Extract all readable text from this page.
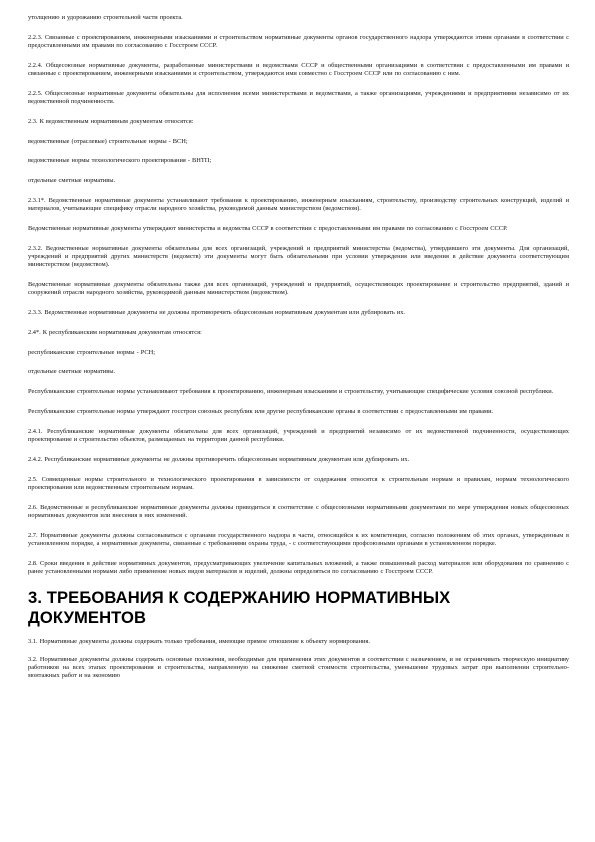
утолщению и удорожанию строительной части проекта.

2.2.3. Связанные с проектированием, инженерными изысканиями и строительством нормативные документы органов государственного надзора утверждаются этими органами в соответствии с предоставленными им правами по согласованию с Госстроем СССР.

2.2.4. Общесоюзные нормативные документы, разработанные министерствами и ведомствами СССР и общественными организациями в соответствии с предоставленными им правами и связанные с проектированием, инженерными изысканиями и строительством, утверждаются ими совместно с Госстроем СССР или по согласованию с ним.

2.2.5. Общесоюзные нормативные документы обязательны для исполнения всеми министерствами и ведомствами, а также организациями, учреждениями и предприятиями независимо от их ведомственной подчиненности.

2.3. К ведомственным нормативным документам относятся:

ведомственные (отраслевые) строительные нормы - ВСН;

ведомственные нормы технологического проектирования - ВНТП;

отдельные сметные нормативы.

2.3.1*. Ведомственные нормативные документы устанавливают требования к проектированию, инженерным изысканиям, строительству, производству строительных конструкций, изделий и материалов, учитывающие специфику отрасли народного хозяйства, руководимой данным министерством (ведомством).

Ведомственные нормативные документы утверждают министерства и ведомства СССР в соответствии с предоставленными им правами по согласованию с Госстроем СССР.

2.3.2. Ведомственные нормативные документы обязательны для всех организаций, учреждений и предприятий министерства (ведомства), утвердившего эти документы. Для организаций, учреждений и предприятий других министерств (ведомств) эти документы могут быть обязательными при условии утверждения или введения в действие документа соответствующим министерством (ведомством).

Ведомственные нормативные документы обязательны также для всех организаций, учреждений и предприятий, осуществляющих проектирование и строительство предприятий, зданий и сооружений отрасли народного хозяйства, руководимой данным министерством (ведомством).

2.3.3. Ведомственные нормативные документы не должны противоречить общесоюзным нормативным документам или дублировать их.

2.4*. К республиканским нормативным документам относятся:

республиканские строительные нормы - РСН;

отдельные сметные нормативы.

Республиканские строительные нормы устанавливают требования к проектированию, инженерным изысканиям и строительству, учитывающие специфические условия союзной республики.

Республиканские строительные нормы утверждают госстрои союзных республик или другие республиканские органы в соответствии с предоставленными им правами.

2.4.1. Республиканские нормативные документы обязательны для всех организаций, учреждений и предприятий независимо от их ведомственной подчиненности, осуществляющих проектирование и строительство объектов, размещаемых на территории данной республики.

2.4.2. Республиканские нормативные документы не должны противоречить общесоюзным нормативным документам или дублировать их.

2.5. Совмещенные нормы строительного и технологического проектирования в зависимости от содержания относятся к строительным нормам и правилам, нормам технологического проектирования или ведомственным строительным нормам.

2.6. Ведомственные и республиканские нормативные документы должны приводиться в соответствие с общесоюзными нормативными документами по мере утверждения новых общесоюзных нормативных документов или внесения в них изменений.

2.7. Нормативные документы должны согласовываться с органами государственного надзора в части, относящейся к их компетенции, согласно положениям об этих органах, утвержденным в установленном порядке, а нормативные документы, связанные с требованиями охраны труда, - с соответствующими профсоюзными органами в установленном порядке.

2.8. Сроки введения в действие нормативных документов, предусматривающих увеличение капитальных вложений, а также повышенный расход материалов или оборудования по сравнению с ранее установленными нормами либо применение новых видов материалов и изделий, должны определяться по согласованию с Госстроем СССР.

3. ТРЕБОВАНИЯ К СОДЕРЖАНИЮ НОРМАТИВНЫХ ДОКУМЕНТОВ

3.1. Нормативные документы должны содержать только требования, имеющие прямое отношение к объекту нормирования.

3.2. Нормативные документы должны содержать основные положения, необходимые для применения этих документов в соответствии с назначением, и не ограничивать творческую инициативу работников на всех этапах проектирования и строительства, направленную на снижение сметной стоимости строительства, уменьшение трудовых затрат при выполнении строительно-монтажных работ и на экономию
